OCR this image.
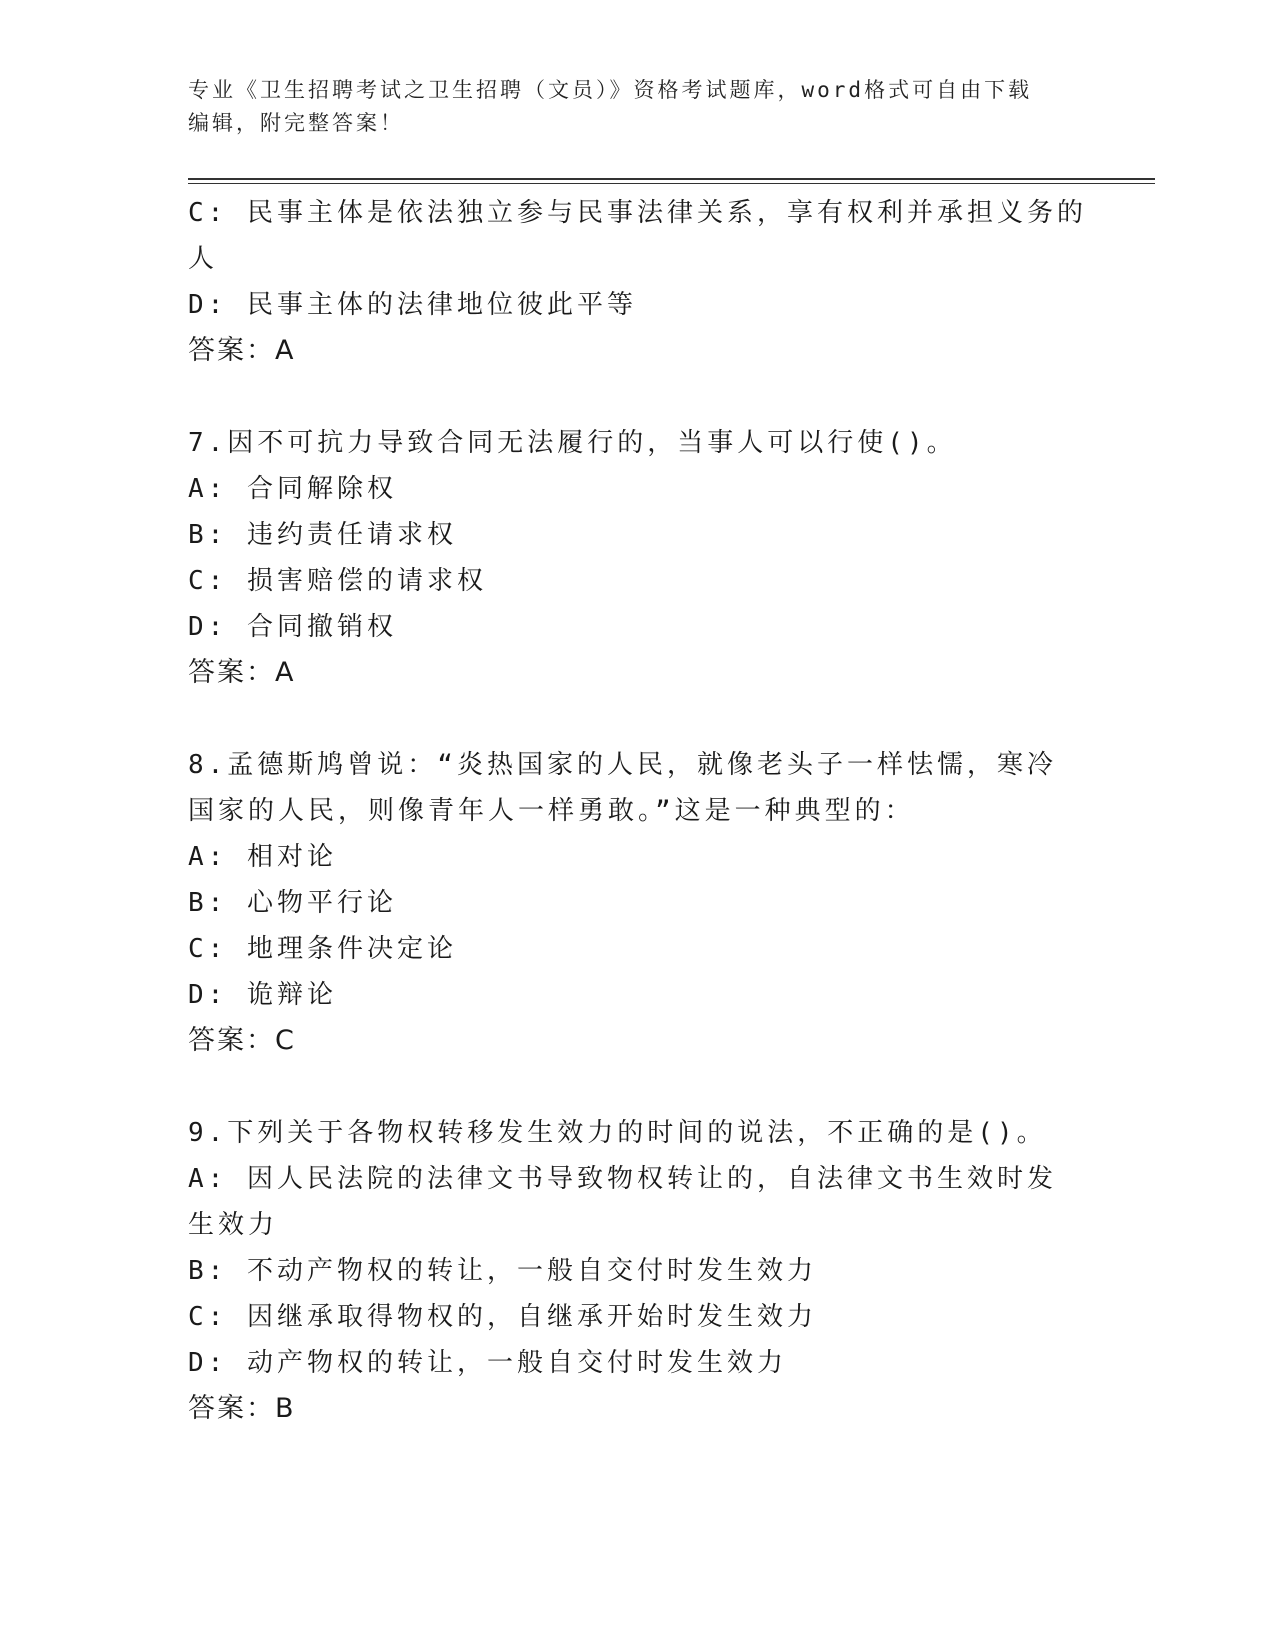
专业《卫生招聘考试之卫生招聘（文员）》资格考试题库，word格式可自由下载
编辑，附完整答案！
C: 民事主体是依法独立参与民事法律关系，享有权利并承担义务的人
D: 民事主体的法律地位彼此平等
答案：A
7.因不可抗力导致合同无法履行的，当事人可以行使()。
A: 合同解除权
B: 违约责任请求权
C: 损害赔偿的请求权
D: 合同撤销权
答案：A
8.孟德斯鸠曾说：“炎热国家的人民，就像老头子一样怯懦，寒冷国家的人民，则像青年人一样勇敢。”这是一种典型的：
A: 相对论
B: 心物平行论
C: 地理条件决定论
D: 诡辩论
答案：C
9.下列关于各物权转移发生效力的时间的说法，不正确的是()。
A: 因人民法院的法律文书导致物权转让的，自法律文书生效时发生效力
B: 不动产物权的转让，一般自交付时发生效力
C: 因继承取得物权的，自继承开始时发生效力
D: 动产物权的转让，一般自交付时发生效力
答案：B
